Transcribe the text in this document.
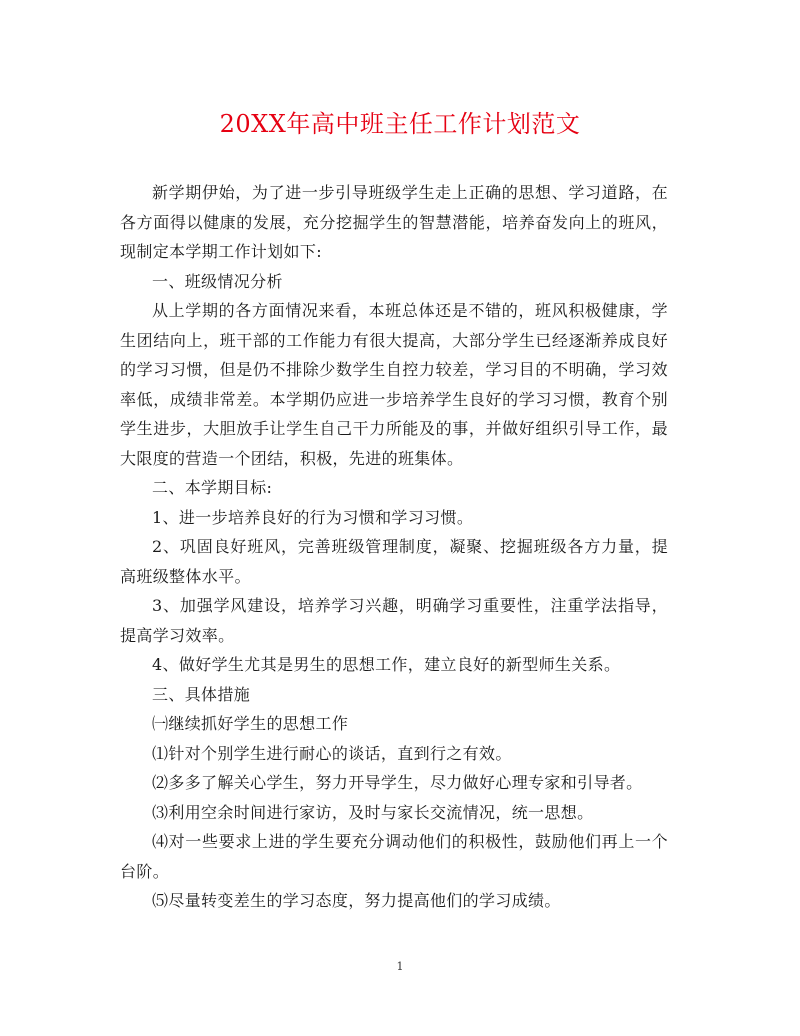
20XX年高中班主任工作计划范文

新学期伊始，为了进一步引导班级学生走上正确的思想、学习道路，在各方面得以健康的发展，充分挖掘学生的智慧潜能，培养奋发向上的班风，现制定本学期工作计划如下:

一、班级情况分析

从上学期的各方面情况来看，本班总体还是不错的，班风积极健康，学生团结向上，班干部的工作能力有很大提高，大部分学生已经逐渐养成良好的学习习惯，但是仍不排除少数学生自控力较差，学习目的不明确，学习效率低，成绩非常差。本学期仍应进一步培养学生良好的学习习惯，教育个别学生进步，大胆放手让学生自己干力所能及的事，并做好组织引导工作，最大限度的营造一个团结，积极，先进的班集体。

二、本学期目标:

1、进一步培养良好的行为习惯和学习习惯。

2、巩固良好班风，完善班级管理制度，凝聚、挖掘班级各方力量，提高班级整体水平。

3、加强学风建设，培养学习兴趣，明确学习重要性，注重学法指导，提高学习效率。

4、做好学生尤其是男生的思想工作，建立良好的新型师生关系。

三、具体措施

㈠继续抓好学生的思想工作

⑴针对个别学生进行耐心的谈话，直到行之有效。

⑵多多了解关心学生，努力开导学生，尽力做好心理专家和引导者。

⑶利用空余时间进行家访，及时与家长交流情况，统一思想。

⑷对一些要求上进的学生要充分调动他们的积极性，鼓励他们再上一个台阶。

⑸尽量转变差生的学习态度，努力提高他们的学习成绩。

1
